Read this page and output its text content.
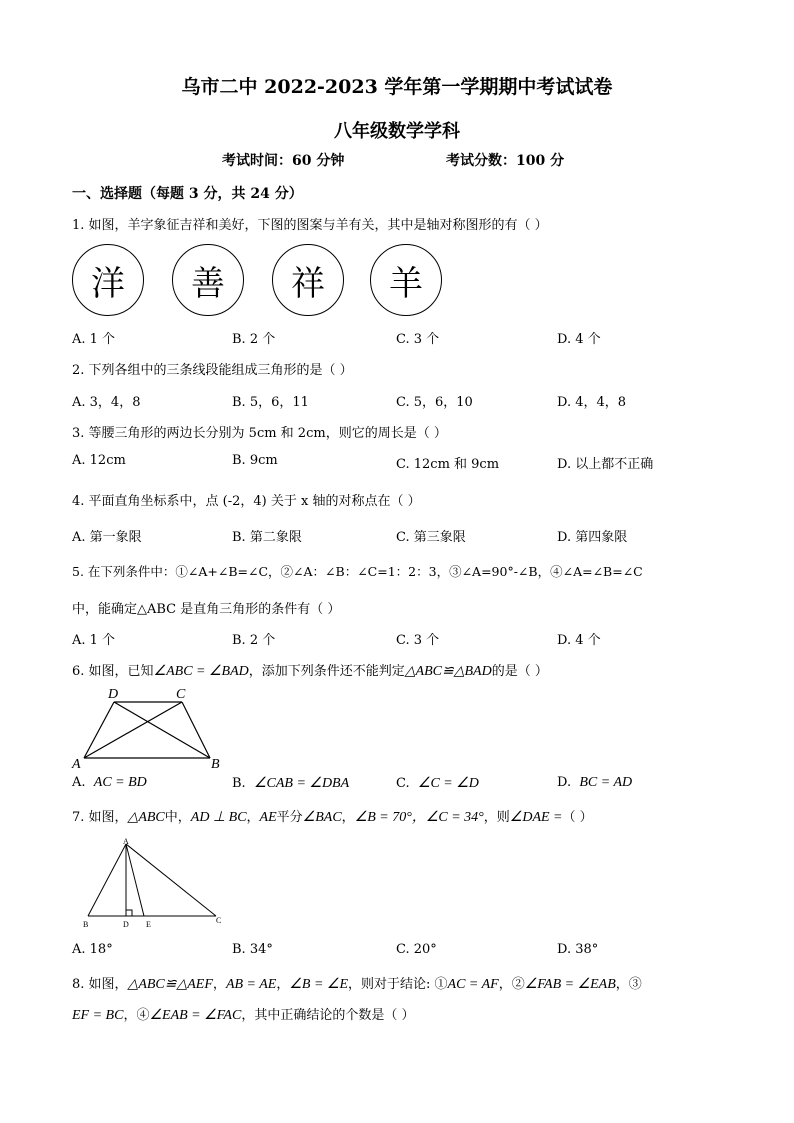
乌市二中 2022-2023 学年第一学期期中考试试卷
八年级数学学科
考试时间：60 分钟	考试分数：100 分
一、选择题（每题 3 分，共 24 分）
1. 如图，羊字象征吉祥和美好，下图的图案与羊有关，其中是轴对称图形的有（ ）
洋	善	祥	羊
A. 1 个	B. 2 个	C. 3 个	D. 4 个
2. 下列各组中的三条线段能组成三角形的是（ ）
A. 3，4，8	B. 5，6，11	C. 5，6，10	D. 4，4，8
3. 等腰三角形的两边长分别为 5cm 和 2cm，则它的周长是（ ）
A. 12cm	B. 9cm	C. 12cm 和 9cm	D. 以上都不正确
4. 平面直角坐标系中，点 (-2，4) 关于 x 轴的对称点在（ ）
A. 第一象限	B. 第二象限	C. 第三象限	D. 第四象限
5. 在下列条件中：①∠A+∠B=∠C，②∠A：∠B：∠C=1：2：3，③∠A=90°-∠B，④∠A=∠B=∠C
中，能确定△ABC 是直角三角形的条件有（ ）
A. 1 个	B. 2 个	C. 3 个	D. 4 个
6. 如图，已知∠ABC = ∠BAD，添加下列条件还不能判定△ABC≌△BAD的是（ ）
D	C
A	B
A. AC = BD	B. ∠CAB = ∠DBA	C. ∠C = ∠D	D. BC = AD
7. 如图，△ABC中，AD ⊥ BC，AE平分∠BAC，∠B = 70°，∠C = 34°，则∠DAE =（ ）
A
B	D E	C
A. 18°	B. 34°	C. 20°	D. 38°
8. 如图，△ABC≌△AEF，AB = AE，∠B = ∠E，则对于结论: ①AC = AF，②∠FAB = ∠EAB，③
EF = BC，④∠EAB = ∠FAC，其中正确结论的个数是（ ）
